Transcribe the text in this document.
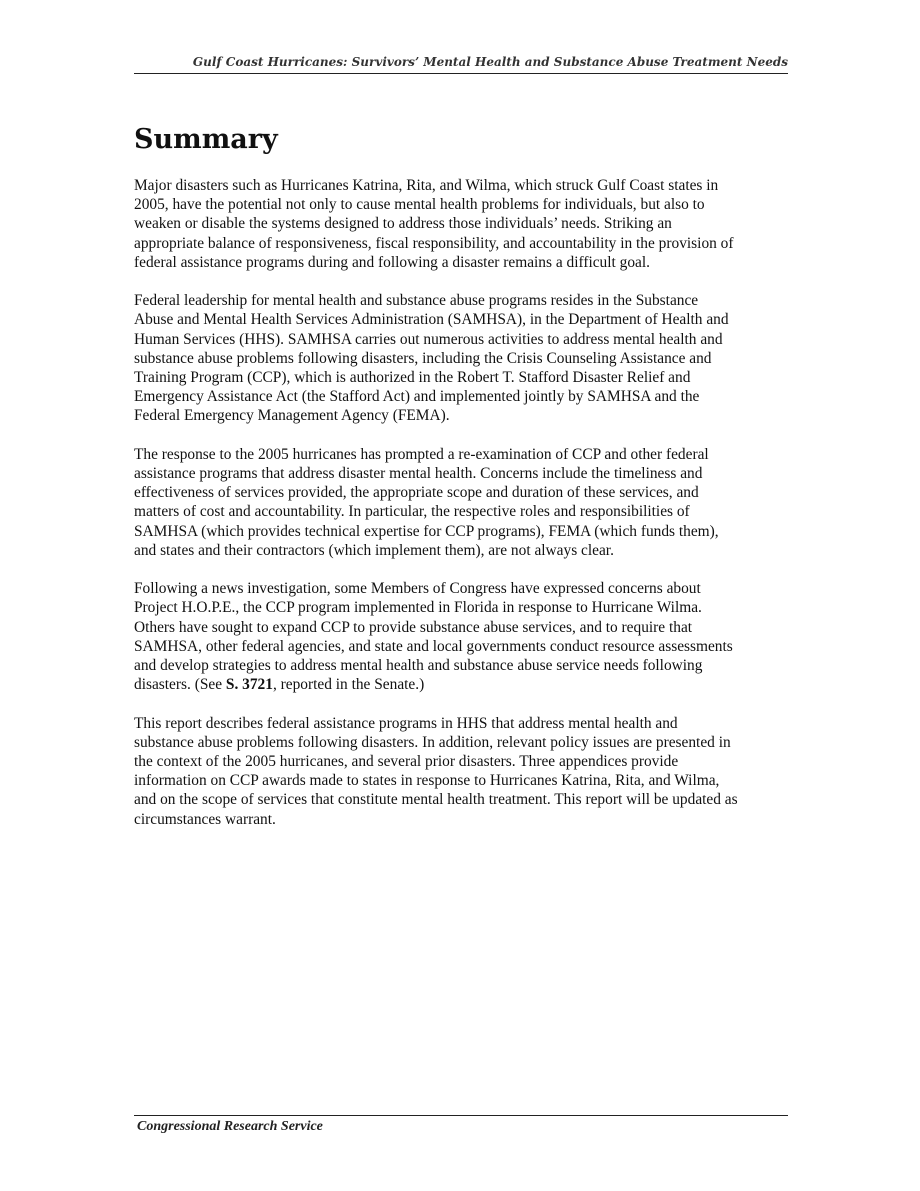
Gulf Coast Hurricanes: Survivors’ Mental Health and Substance Abuse Treatment Needs
Summary

Major disasters such as Hurricanes Katrina, Rita, and Wilma, which struck Gulf Coast states in
2005, have the potential not only to cause mental health problems for individuals, but also to
weaken or disable the systems designed to address those individuals’ needs. Striking an
appropriate balance of responsiveness, fiscal responsibility, and accountability in the provision of
federal assistance programs during and following a disaster remains a difficult goal.

Federal leadership for mental health and substance abuse programs resides in the Substance
Abuse and Mental Health Services Administration (SAMHSA), in the Department of Health and
Human Services (HHS). SAMHSA carries out numerous activities to address mental health and
substance abuse problems following disasters, including the Crisis Counseling Assistance and
Training Program (CCP), which is authorized in the Robert T. Stafford Disaster Relief and
Emergency Assistance Act (the Stafford Act) and implemented jointly by SAMHSA and the
Federal Emergency Management Agency (FEMA).

The response to the 2005 hurricanes has prompted a re-examination of CCP and other federal
assistance programs that address disaster mental health. Concerns include the timeliness and
effectiveness of services provided, the appropriate scope and duration of these services, and
matters of cost and accountability. In particular, the respective roles and responsibilities of
SAMHSA (which provides technical expertise for CCP programs), FEMA (which funds them),
and states and their contractors (which implement them), are not always clear.

Following a news investigation, some Members of Congress have expressed concerns about
Project H.O.P.E., the CCP program implemented in Florida in response to Hurricane Wilma.
Others have sought to expand CCP to provide substance abuse services, and to require that
SAMHSA, other federal agencies, and state and local governments conduct resource assessments
and develop strategies to address mental health and substance abuse service needs following
disasters. (See S. 3721, reported in the Senate.)

This report describes federal assistance programs in HHS that address mental health and
substance abuse problems following disasters. In addition, relevant policy issues are presented in
the context of the 2005 hurricanes, and several prior disasters. Three appendices provide
information on CCP awards made to states in response to Hurricanes Katrina, Rita, and Wilma,
and on the scope of services that constitute mental health treatment. This report will be updated as
circumstances warrant.

Congressional Research Service
